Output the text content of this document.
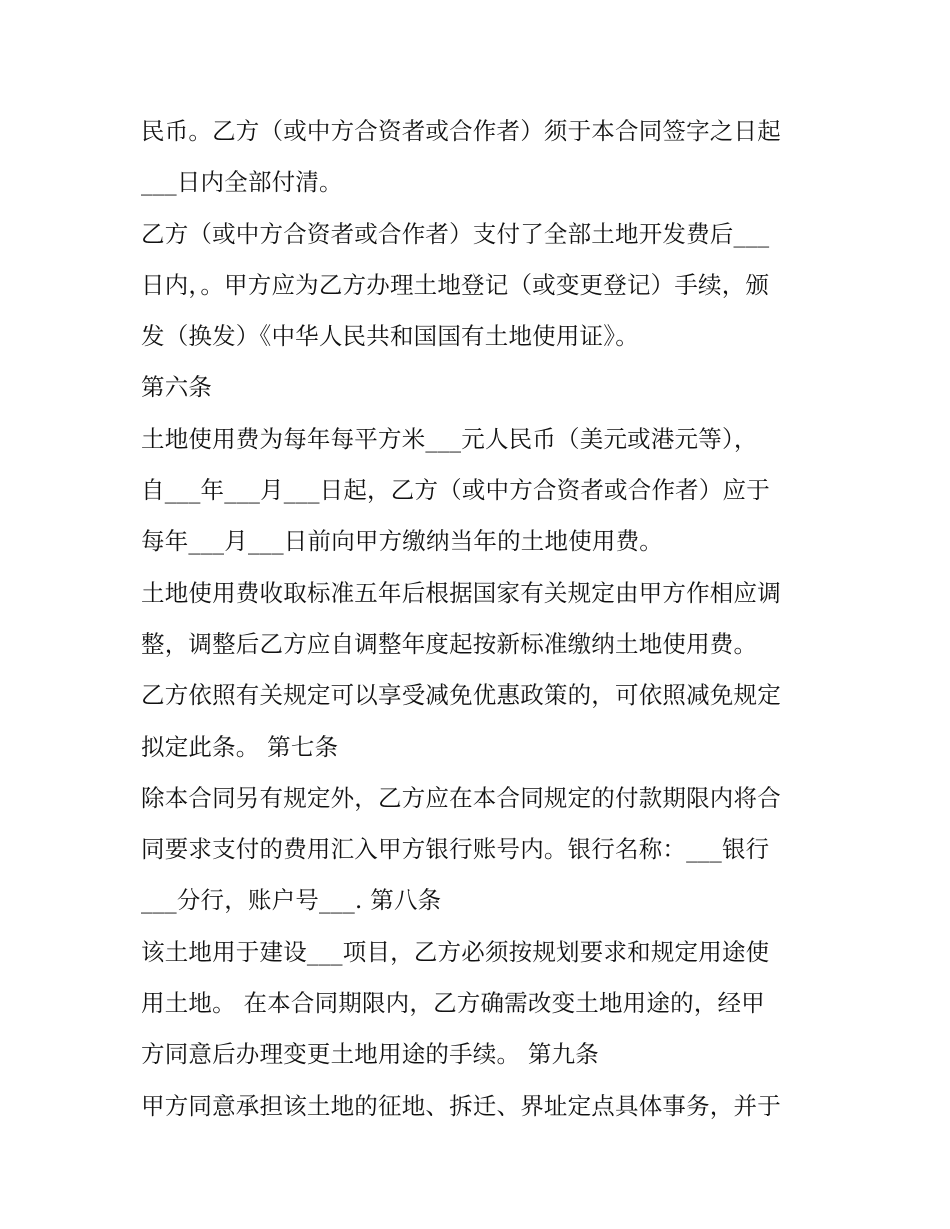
民币。乙方（或中方合资者或合作者）须于本合同签字之日起
___日内全部付清。
乙方（或中方合资者或合作者）支付了全部土地开发费后___
日内，。甲方应为乙方办理土地登记（或变更登记）手续，颁
发（换发）《中华人民共和国国有土地使用证》。
第六条
土地使用费为每年每平方米___元人民币（美元或港元等），
自___年___月___日起，乙方（或中方合资者或合作者）应于
每年___月___日前向甲方缴纳当年的土地使用费。
土地使用费收取标准五年后根据国家有关规定由甲方作相应调
整，调整后乙方应自调整年度起按新标准缴纳土地使用费。
乙方依照有关规定可以享受减免优惠政策的，可依照减免规定
拟定此条。 第七条
除本合同另有规定外，乙方应在本合同规定的付款期限内将合
同要求支付的费用汇入甲方银行账号内。银行名称：___银行
___分行，账户号___. 第八条
该土地用于建设___项目，乙方必须按规划要求和规定用途使
用土地。 在本合同期限内，乙方确需改变土地用途的，经甲
方同意后办理变更土地用途的手续。 第九条
甲方同意承担该土地的征地、拆迁、界址定点具体事务，并于
